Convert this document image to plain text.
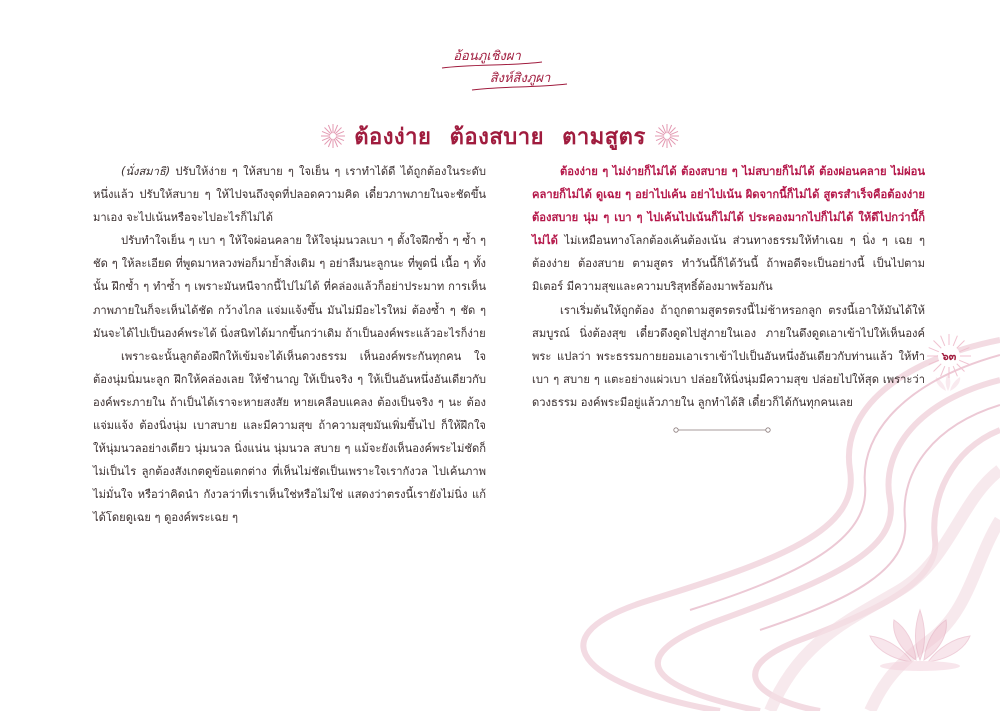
อ้อนภูเชิงผา
สิงห์สิงภูผา
ต้องง่าย ต้องสบาย ตามสูตร

(นั่งสมาธิ) ปรับให้ง่าย ๆ ให้สบาย ๆ ใจเย็น ๆ เราทำได้ดี ได้ถูกต้องในระดับหนึ่งแล้ว ปรับให้สบาย ๆ ให้ไปจนถึงจุดที่ปลอดความคิด เดี๋ยวภาพภายในจะชัดขึ้นมาเอง จะไปเน้นหรือจะไปอะไรก็ไม่ได้

ปรับทำใจเย็น ๆ เบา ๆ ให้ใจผ่อนคลาย ให้ใจนุ่มนวลเบา ๆ ตั้งใจฝึกซ้ำ ๆ ซ้ำ ๆ ชัด ๆ ให้ละเอียด ที่พูดมาหลวงพ่อก็มาย้ำสิ่งเดิม ๆ อย่าลืมนะลูกนะ ที่พูดนี่ เนื้อ ๆ ทั้งนั้น ฝึกซ้ำ ๆ ทำซ้ำ ๆ เพราะมันหนีจากนี้ไปไม่ได้ ที่คล่องแล้วก็อย่าประมาท การเห็นภาพภายในก็จะเห็นได้ชัด กว้างไกล แจ่มแจ้งขึ้น มันไม่มีอะไรใหม่ ต้องซ้ำ ๆ ชัด ๆ มันจะได้ไปเป็นองค์พระได้ นิ่งสนิทได้มากขึ้นกว่าเดิม ถ้าเป็นองค์พระแล้วอะไรก็ง่าย

เพราะฉะนั้นลูกต้องฝึกให้เข้มจะได้เห็นดวงธรรม เห็นองค์พระกันทุกคน ใจต้องนุ่มนิ่มนะลูก ฝึกให้คล่องเลย ให้ชำนาญ ให้เป็นจริง ๆ ให้เป็นอันหนึ่งอันเดียวกับองค์พระภายใน ถ้าเป็นได้เราจะหายสงสัย หายเคลือบแคลง ต้องเป็นจริง ๆ นะ ต้องแจ่มแจ้ง ต้องนิ่งนุ่ม เบาสบาย และมีความสุข ถ้าความสุขมันเพิ่มขึ้นไป ก็ให้ฝึกใจให้นุ่มนวลอย่างเดียว นุ่มนวล นิ่งแน่น นุ่มนวล สบาย ๆ แม้จะยังเห็นองค์พระไม่ชัดก็ไม่เป็นไร ลูกต้องสังเกตดูข้อแตกต่าง ที่เห็นไม่ชัดเป็นเพราะใจเรากังวล ไปเค้นภาพ ไม่มั่นใจ หรือว่าคิดนำ กังวลว่าที่เราเห็นใช่หรือไม่ใช่ แสดงว่าตรงนี้เรายังไม่นิ่ง แก้ได้โดยดูเฉย ๆ ดูองค์พระเฉย ๆ

ต้องง่าย ๆ ไม่ง่ายก็ไม่ได้ ต้องสบาย ๆ ไม่สบายก็ไม่ได้ ต้องผ่อนคลาย ไม่ผ่อนคลายก็ไม่ได้ ดูเฉย ๆ อย่าไปเค้น อย่าไปเน้น ผิดจากนี้ก็ไม่ได้ สูตรสำเร็จคือต้องง่าย ต้องสบาย นุ่ม ๆ เบา ๆ ไปเค้นไปเน้นก็ไม่ได้ ประคองมากไปก็ไม่ได้ ให้ดีไปกว่านี้ก็ไม่ได้ ไม่เหมือนทางโลกต้องเค้นต้องเน้น ส่วนทางธรรมให้ทำเฉย ๆ นิ่ง ๆ เฉย ๆ ต้องง่าย ต้องสบาย ตามสูตร ทำวันนี้ก็ได้วันนี้ ถ้าพอดีจะเป็นอย่างนี้ เป็นไปตามมิเตอร์ มีความสุขและความบริสุทธิ์ต้องมาพร้อมกัน

เราเริ่มต้นให้ถูกต้อง ถ้าถูกตามสูตรตรงนี้ไม่ช้าหรอกลูก ตรงนี้เอาให้มันได้ให้สมบูรณ์ นิ่งต้องสุข เดี๋ยวดึงดูดไปสู่ภายในเอง ภายในดึงดูดเอาเข้าไปให้เห็นองค์พระ แปลว่า พระธรรมกายยอมเอาเราเข้าไปเป็นอันหนึ่งอันเดียวกับท่านแล้ว ให้ทำเบา ๆ สบาย ๆ แตะอย่างแผ่วเบา ปล่อยให้นิ่งนุ่มมีความสุข ปล่อยไปให้สุด เพราะว่าดวงธรรม องค์พระมีอยู่แล้วภายใน ลูกทำได้สิ เดี๋ยวก็ได้กันทุกคนเลย

๖๓
